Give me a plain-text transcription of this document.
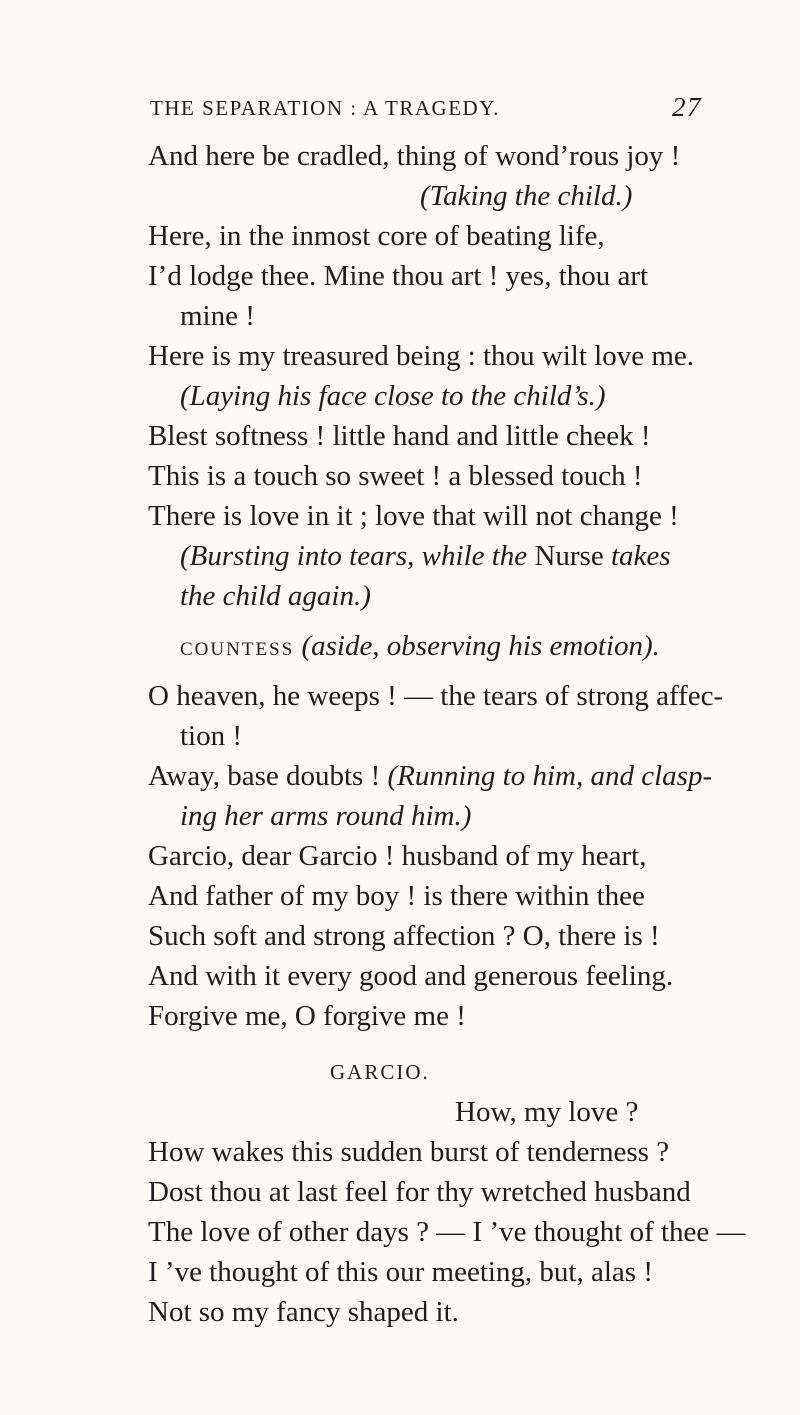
THE SEPARATION : A TRAGEDY.	27
And here be cradled, thing of wond’rous joy !
(Taking the child.)
Here, in the inmost core of beating life,
I’d lodge thee. Mine thou art ! yes, thou art
mine !
Here is my treasured being : thou wilt love me.
(Laying his face close to the child’s.)
Blest softness ! little hand and little cheek !
This is a touch so sweet ! a blessed touch !
There is love in it ; love that will not change !
(Bursting into tears, while the Nurse takes
the child again.)
countess (aside, observing his emotion).
O heaven, he weeps ! — the tears of strong affec-
tion !
Away, base doubts ! (Running to him, and clasp-
ing her arms round him.)
Garcio, dear Garcio ! husband of my heart,
And father of my boy ! is there within thee
Such soft and strong affection ? O, there is !
And with it every good and generous feeling.
Forgive me, O forgive me !
GARCIO.
How, my love ?
How wakes this sudden burst of tenderness ?
Dost thou at last feel for thy wretched husband
The love of other days ? — I ’ve thought of thee —
I ’ve thought of this our meeting, but, alas !
Not so my fancy shaped it.
